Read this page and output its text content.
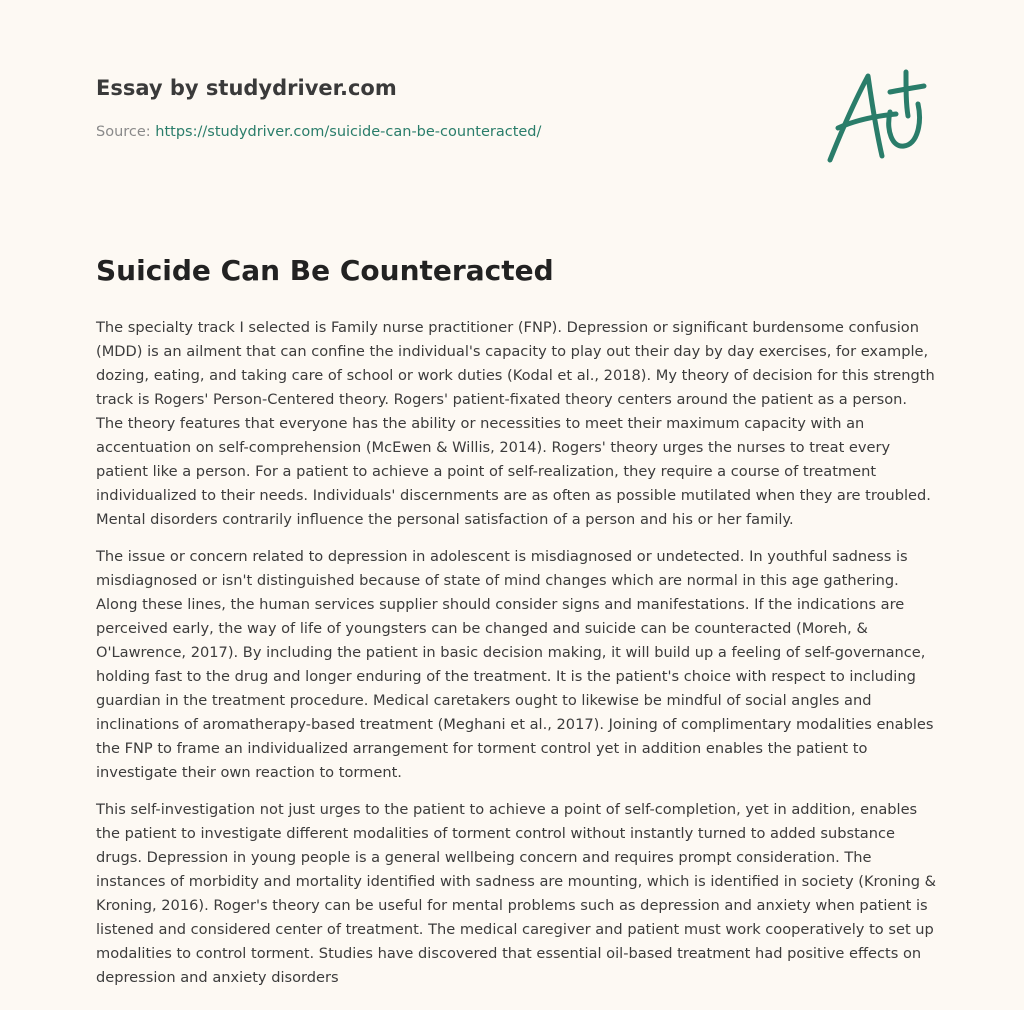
Essay by studydriver.com

Source: https://studydriver.com/suicide-can-be-counteracted/

Suicide Can Be Counteracted

The specialty track I selected is Family nurse practitioner (FNP). Depression or significant burdensome confusion (MDD) is an ailment that can confine the individual's capacity to play out their day by day exercises, for example, dozing, eating, and taking care of school or work duties (Kodal et al., 2018). My theory of decision for this strength track is Rogers' Person-Centered theory. Rogers' patient-fixated theory centers around the patient as a person. The theory features that everyone has the ability or necessities to meet their maximum capacity with an accentuation on self-comprehension (McEwen & Willis, 2014). Rogers' theory urges the nurses to treat every patient like a person. For a patient to achieve a point of self-realization, they require a course of treatment individualized to their needs. Individuals' discernments are as often as possible mutilated when they are troubled. Mental disorders contrarily influence the personal satisfaction of a person and his or her family.

The issue or concern related to depression in adolescent is misdiagnosed or undetected. In youthful sadness is misdiagnosed or isn't distinguished because of state of mind changes which are normal in this age gathering. Along these lines, the human services supplier should consider signs and manifestations. If the indications are perceived early, the way of life of youngsters can be changed and suicide can be counteracted (Moreh, & O'Lawrence, 2017). By including the patient in basic decision making, it will build up a feeling of self-governance, holding fast to the drug and longer enduring of the treatment. It is the patient's choice with respect to including guardian in the treatment procedure. Medical caretakers ought to likewise be mindful of social angles and inclinations of aromatherapy-based treatment (Meghani et al., 2017). Joining of complimentary modalities enables the FNP to frame an individualized arrangement for torment control yet in addition enables the patient to investigate their own reaction to torment.

This self-investigation not just urges to the patient to achieve a point of self-completion, yet in addition, enables the patient to investigate different modalities of torment control without instantly turned to added substance drugs. Depression in young people is a general wellbeing concern and requires prompt consideration. The instances of morbidity and mortality identified with sadness are mounting, which is identified in society (Kroning & Kroning, 2016). Roger's theory can be useful for mental problems such as depression and anxiety when patient is listened and considered center of treatment. The medical caregiver and patient must work cooperatively to set up modalities to control torment. Studies have discovered that essential oil-based treatment had positive effects on depression and anxiety disorders
